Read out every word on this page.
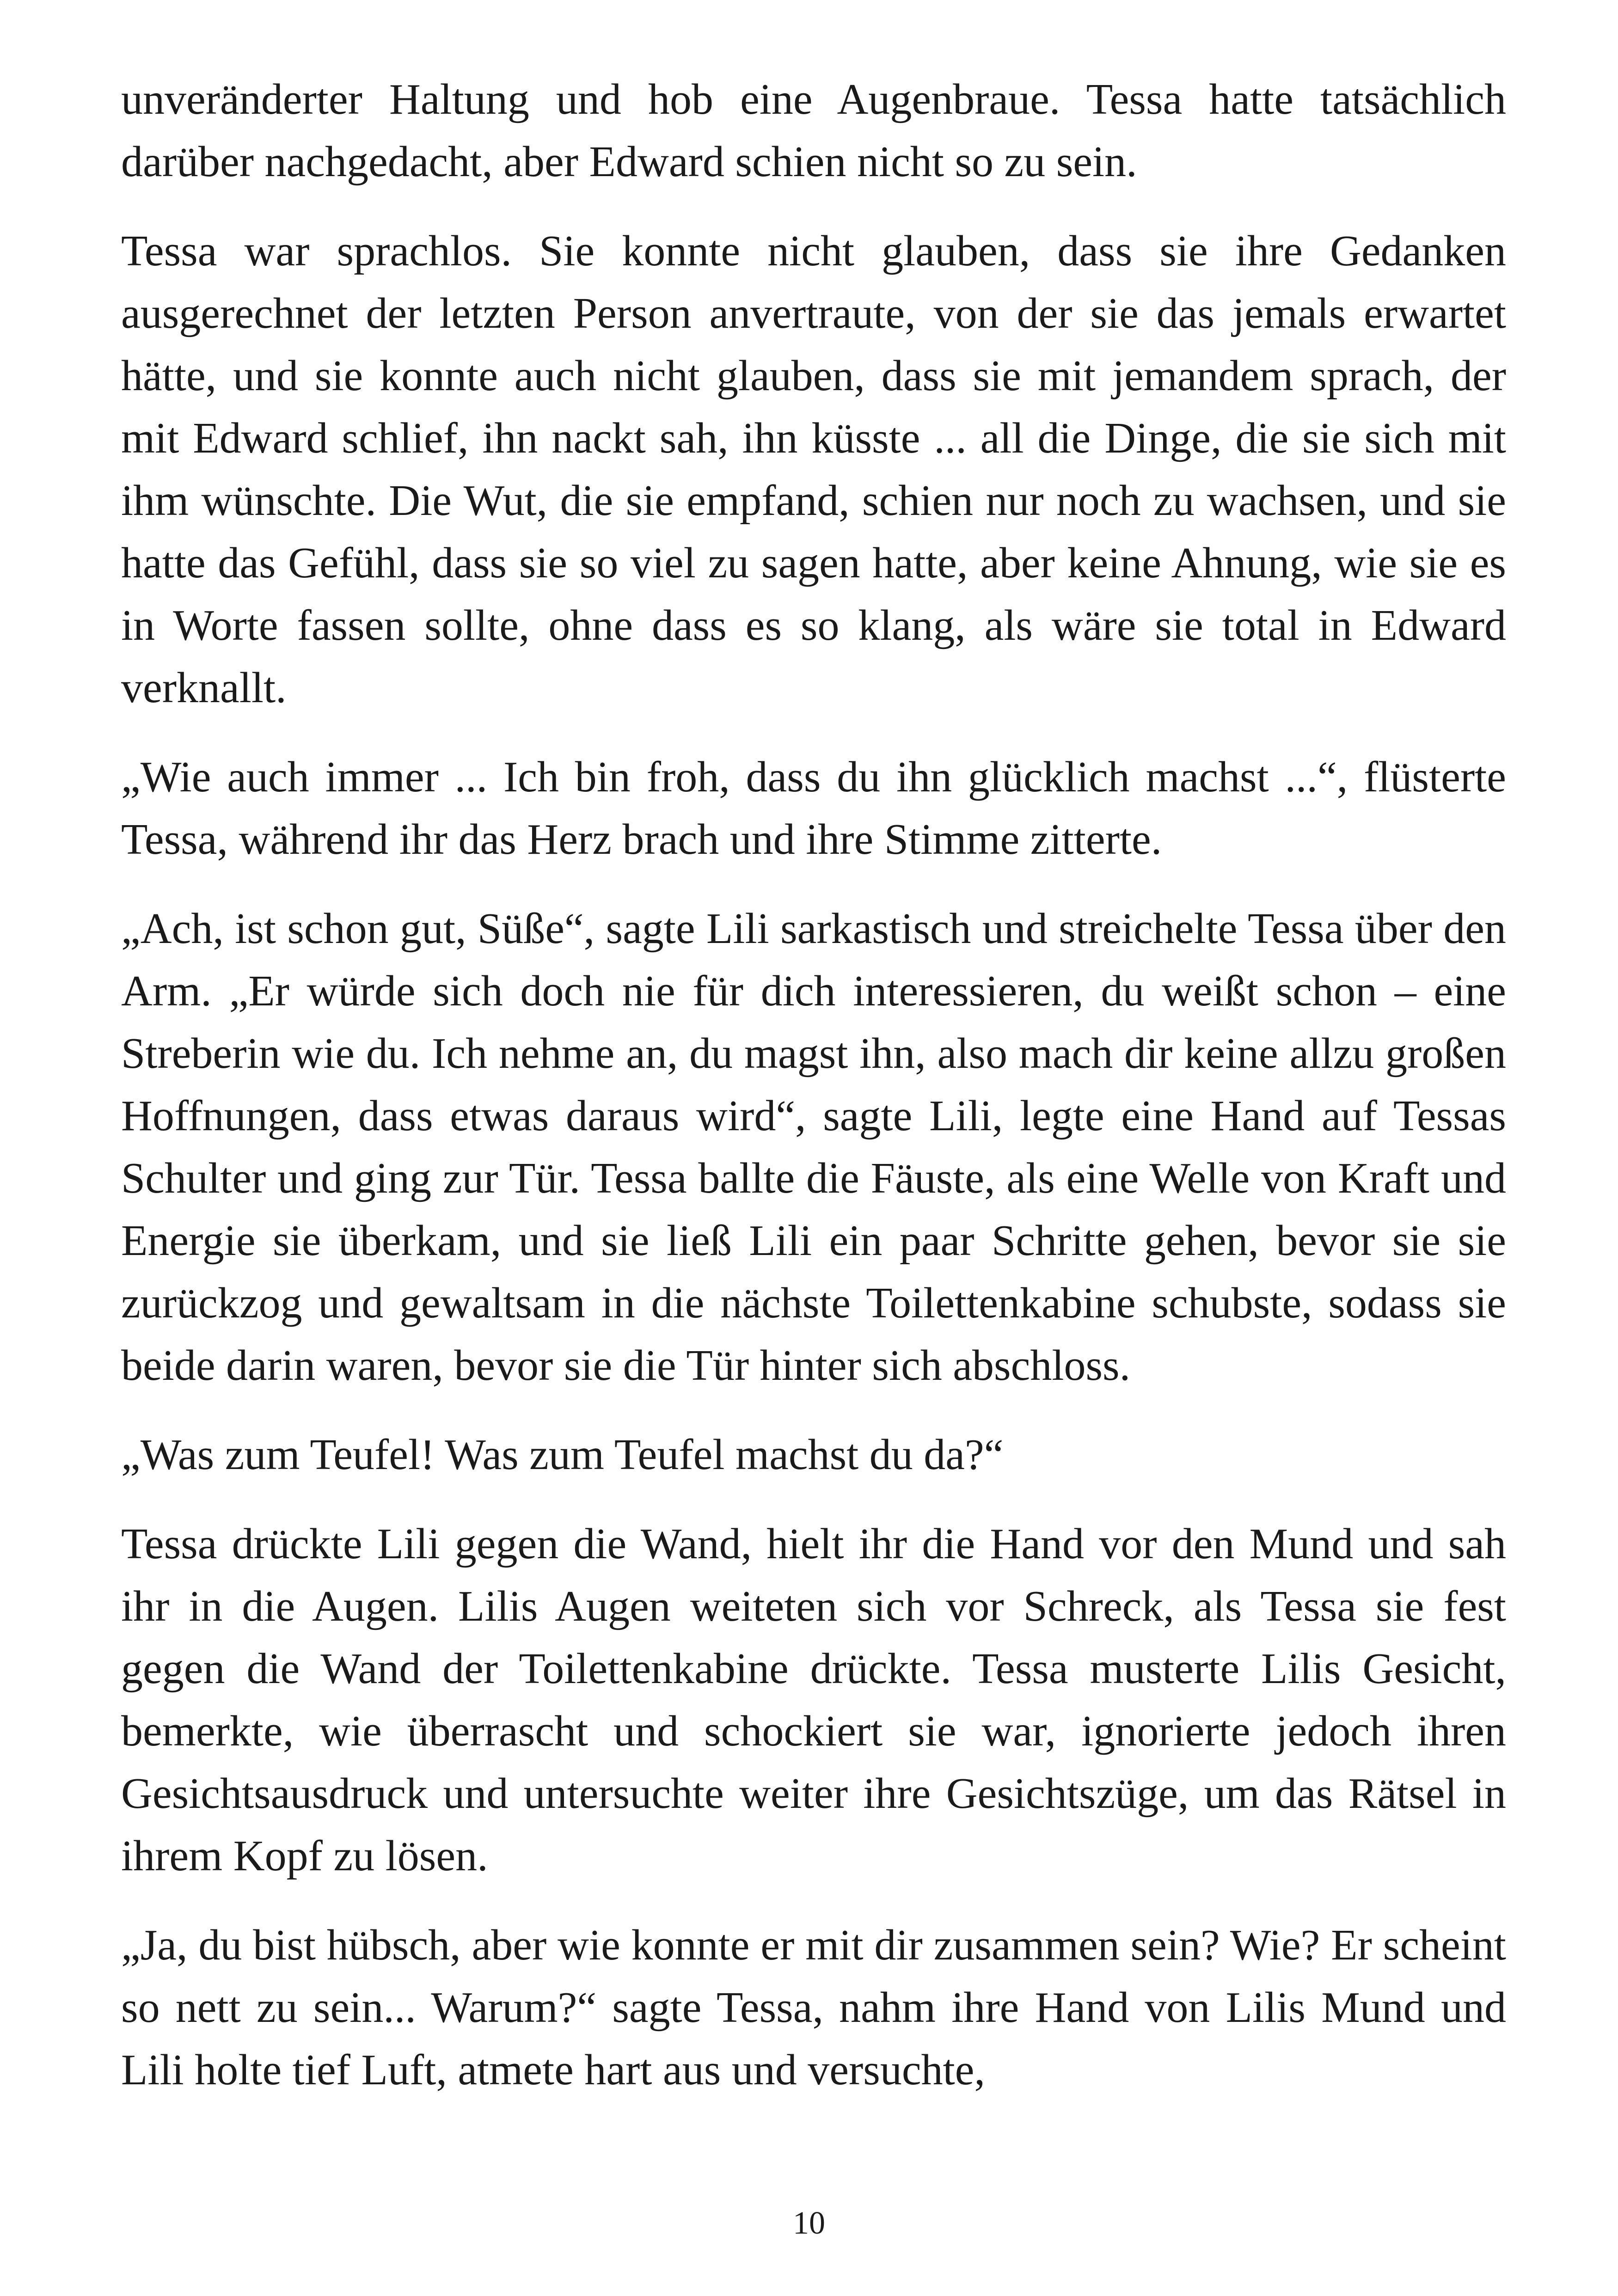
unveränderter Haltung und hob eine Augenbraue. Tessa hatte tatsächlich darüber nachgedacht, aber Edward schien nicht so zu sein.

Tessa war sprachlos. Sie konnte nicht glauben, dass sie ihre Gedanken ausgerechnet der letzten Person anvertraute, von der sie das jemals erwartet hätte, und sie konnte auch nicht glauben, dass sie mit jemandem sprach, der mit Edward schlief, ihn nackt sah, ihn küsste ... all die Dinge, die sie sich mit ihm wünschte. Die Wut, die sie empfand, schien nur noch zu wachsen, und sie hatte das Gefühl, dass sie so viel zu sagen hatte, aber keine Ahnung, wie sie es in Worte fassen sollte, ohne dass es so klang, als wäre sie total in Edward verknallt.

„Wie auch immer ... Ich bin froh, dass du ihn glücklich machst ...“, flüsterte Tessa, während ihr das Herz brach und ihre Stimme zitterte.

„Ach, ist schon gut, Süße“, sagte Lili sarkastisch und streichelte Tessa über den Arm. „Er würde sich doch nie für dich interessieren, du weißt schon – eine Streberin wie du. Ich nehme an, du magst ihn, also mach dir keine allzu großen Hoffnungen, dass etwas daraus wird“, sagte Lili, legte eine Hand auf Tessas Schulter und ging zur Tür. Tessa ballte die Fäuste, als eine Welle von Kraft und Energie sie überkam, und sie ließ Lili ein paar Schritte gehen, bevor sie sie zurückzog und gewaltsam in die nächste Toilettenkabine schubste, sodass sie beide darin waren, bevor sie die Tür hinter sich abschloss.

„Was zum Teufel! Was zum Teufel machst du da?“

Tessa drückte Lili gegen die Wand, hielt ihr die Hand vor den Mund und sah ihr in die Augen. Lilis Augen weiteten sich vor Schreck, als Tessa sie fest gegen die Wand der Toilettenkabine drückte. Tessa musterte Lilis Gesicht, bemerkte, wie überrascht und schockiert sie war, ignorierte jedoch ihren Gesichtsausdruck und untersuchte weiter ihre Gesichtszüge, um das Rätsel in ihrem Kopf zu lösen.

„Ja, du bist hübsch, aber wie konnte er mit dir zusammen sein? Wie? Er scheint so nett zu sein... Warum?“ sagte Tessa, nahm ihre Hand von Lilis Mund und Lili holte tief Luft, atmete hart aus und versuchte,

10
